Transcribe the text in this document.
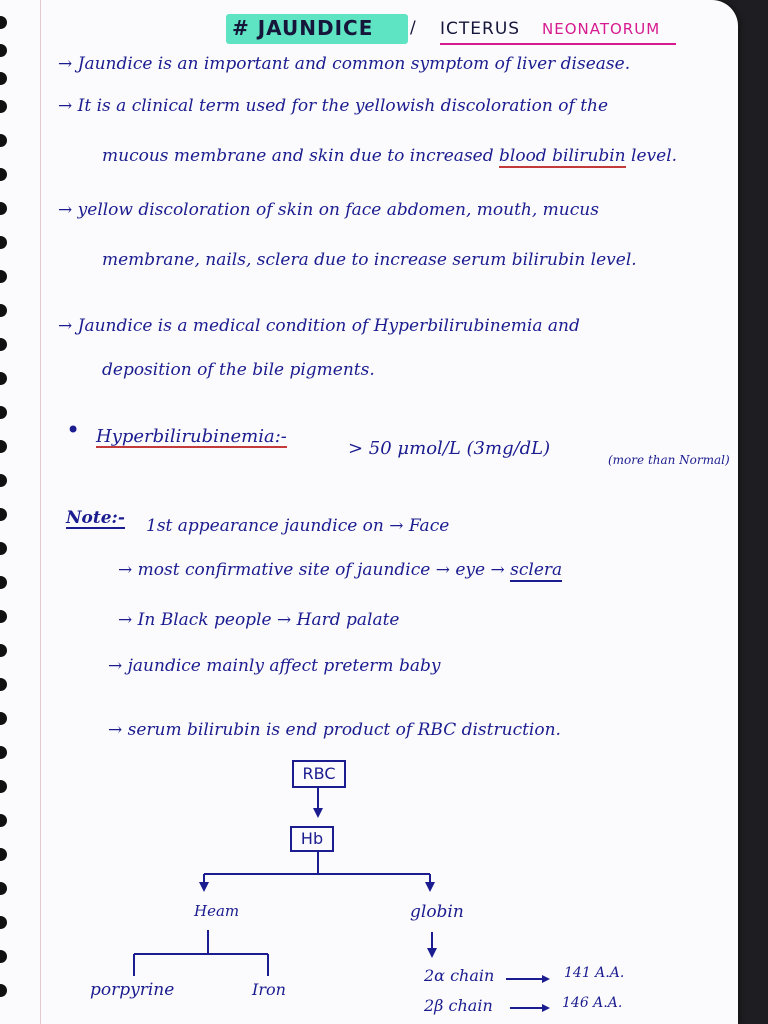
# JAUNDICE / ICTERUS NEONATORUM
→ Jaundice is an important and common symptom of liver disease.
→ It is a clinical term used for the yellowish discoloration of the
mucous membrane and skin due to increased blood bilirubin level.
→ yellow discoloration of skin on face abdomen, mouth, mucus
membrane, nails, sclera due to increase serum bilirubin level.
→ Jaundice is a medical condition of Hyperbilirubinemia and
deposition of the bile pigments.
• Hyperbilirubinemia:-
> 50 μmol/L (3mg/dL)
(more than Normal)
Note:- 1st appearance jaundice on → Face
→ most confirmative site of jaundice → eye → sclera
→ In Black people → Hard palate
→ jaundice mainly affect preterm baby
→ serum bilirubin is end product of RBC distruction.
RBC
Hb
Heam	globin
porpyrine	Iron
2α chain	141 A.A.
2β chain	146 A.A.
